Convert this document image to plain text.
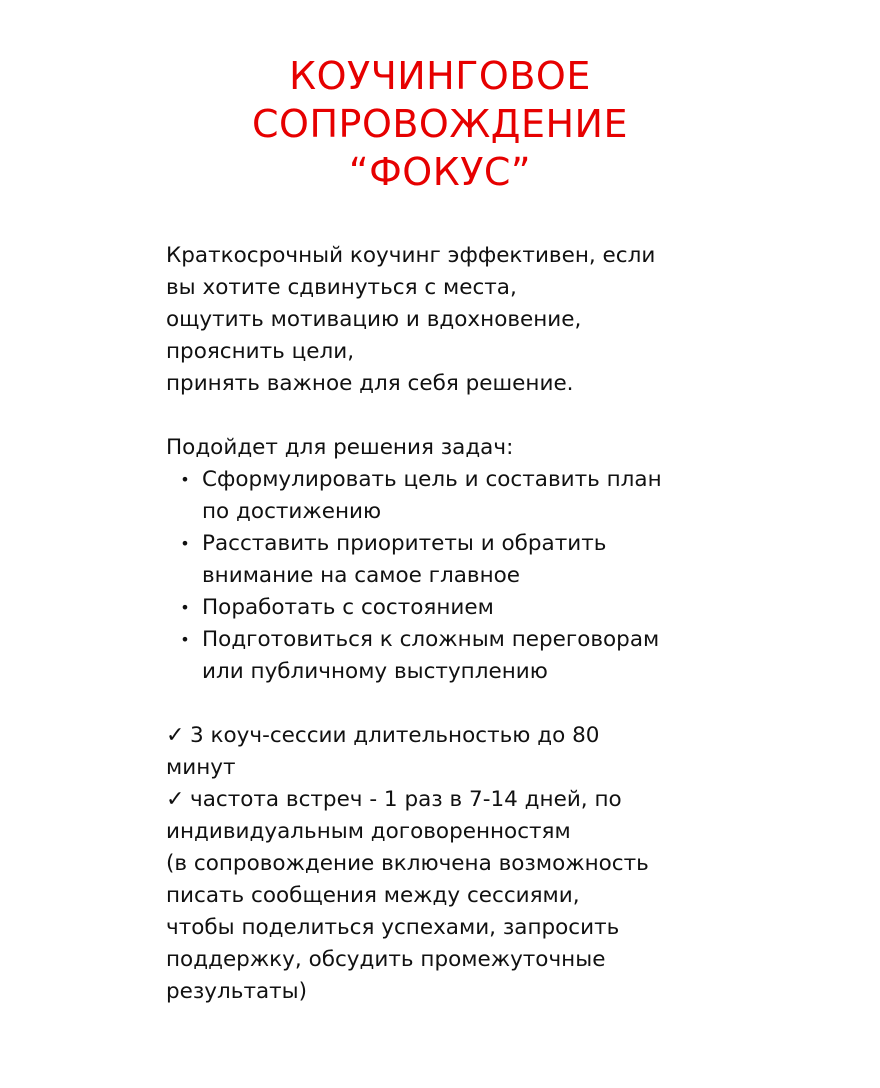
КОУЧИНГОВОЕ
СОПРОВОЖДЕНИЕ
“ФОКУС”
Краткосрочный коучинг эффективен, если
вы хотите сдвинуться с места,
ощутить мотивацию и вдохновение,
прояснить цели,
принять важное для себя решение.
Подойдет для решения задач:
• Сформулировать цель и составить план
по достижению
• Расставить приоритеты и обратить
внимание на самое главное
• Поработать с состоянием
• Подготовиться к сложным переговорам
или публичному выступлению
✓ 3 коуч-сессии длительностью до 80
минут
✓ частота встреч - 1 раз в 7-14 дней, по
индивидуальным договоренностям
(в сопровождение включена возможность
писать сообщения между сессиями,
чтобы поделиться успехами, запросить
поддержку, обсудить промежуточные
результаты)
